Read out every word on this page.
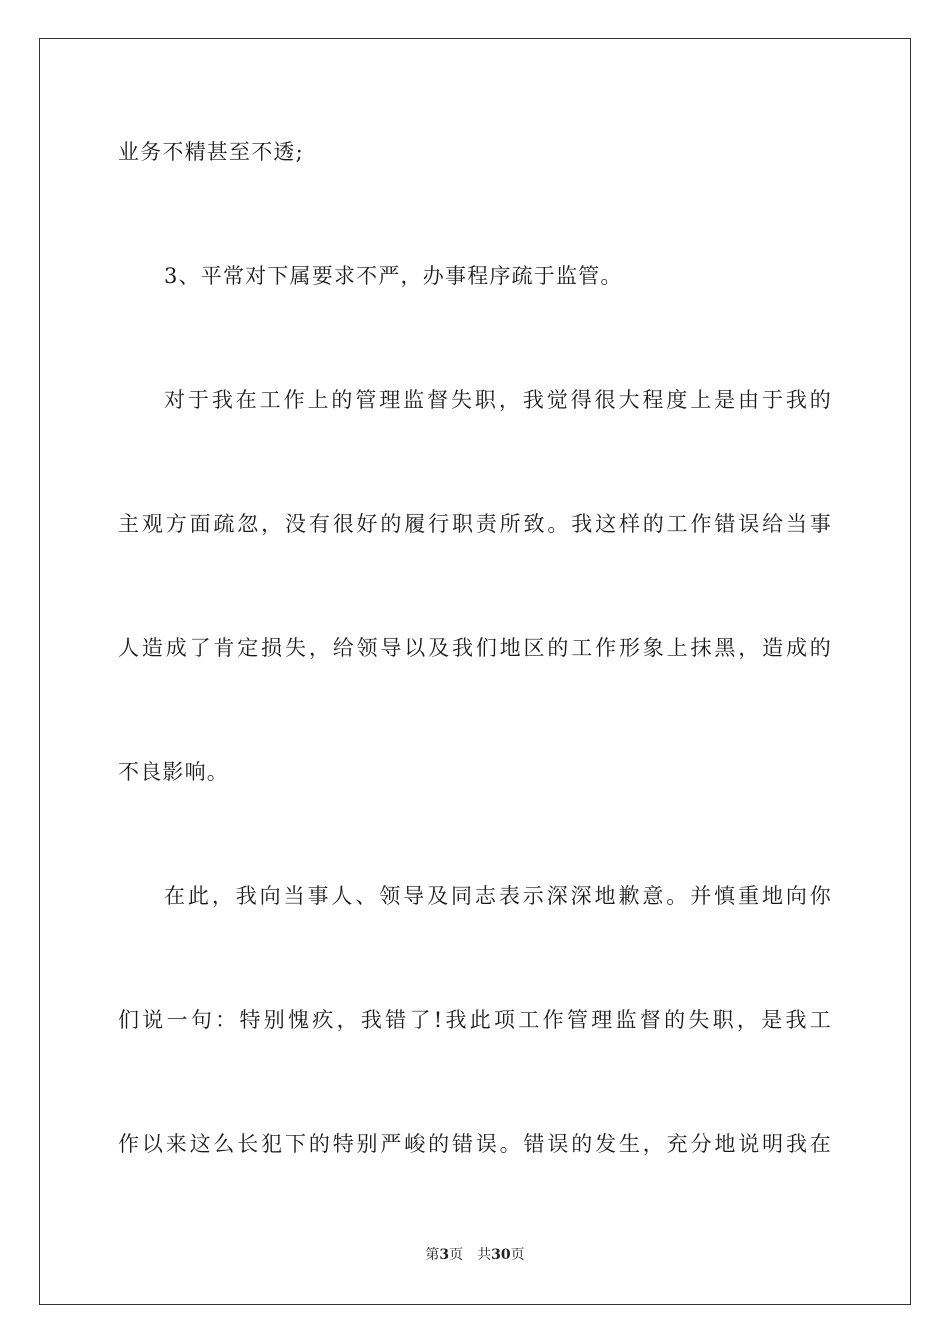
业务不精甚至不透;
3、平常对下属要求不严，办事程序疏于监管。
对于我在工作上的管理监督失职，我觉得很大程度上是由于我的
主观方面疏忽，没有很好的履行职责所致。我这样的工作错误给当事
人造成了肯定损失，给领导以及我们地区的工作形象上抹黑，造成的
不良影响。
在此，我向当事人、领导及同志表示深深地歉意。并慎重地向你
们说一句：特别愧疚，我错了!我此项工作管理监督的失职，是我工
作以来这么长犯下的特别严峻的错误。错误的发生，充分地说明我在
第3页 共30页
